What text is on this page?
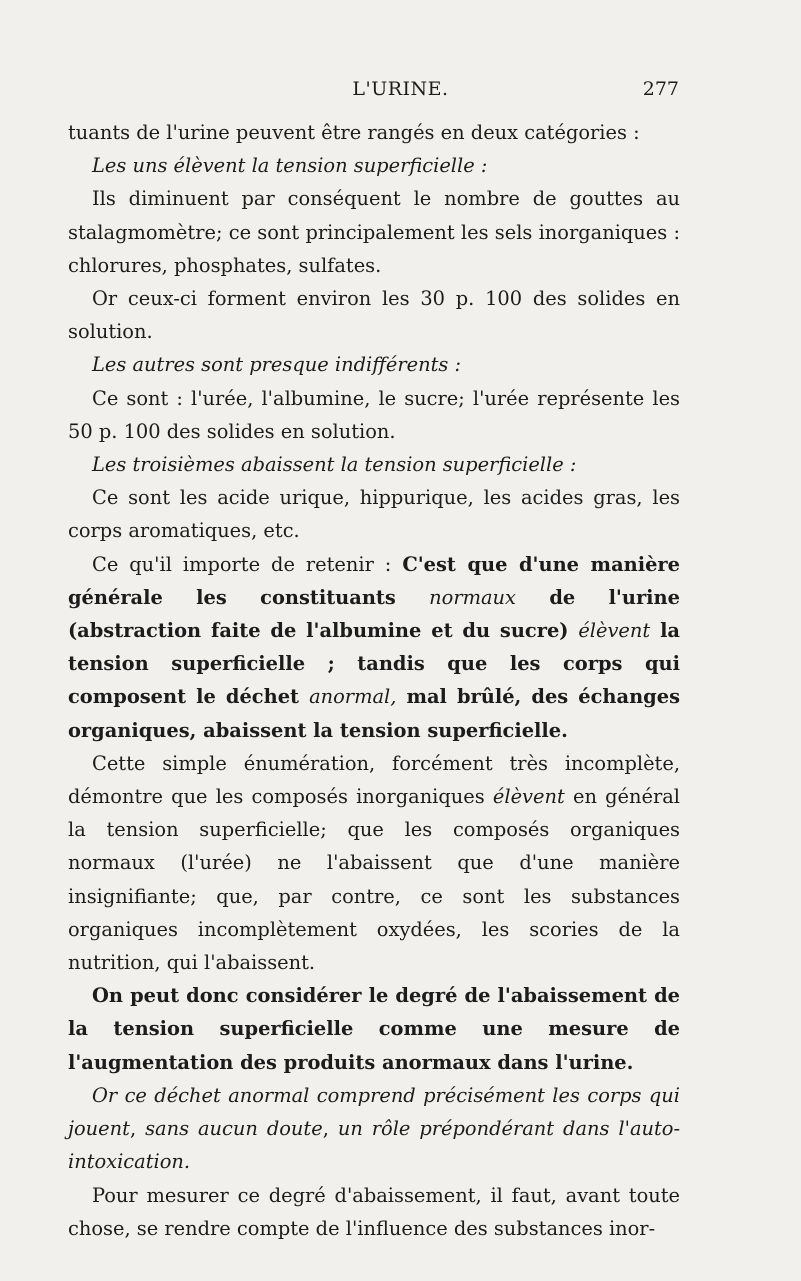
L'URINE.	277

tuants de l'urine peuvent être rangés en deux catégories :

Les uns élèvent la tension superficielle :

Ils diminuent par conséquent le nombre de gouttes au stalagmomètre; ce sont principalement les sels inorganiques : chlorures, phosphates, sulfates.

Or ceux-ci forment environ les 30 p. 100 des solides en solution.

Les autres sont presque indifférents :

Ce sont : l'urée, l'albumine, le sucre; l'urée représente les 50 p. 100 des solides en solution.

Les troisièmes abaissent la tension superficielle :

Ce sont les acide urique, hippurique, les acides gras, les corps aromatiques, etc.

Ce qu'il importe de retenir : C'est que d'une manière générale les constituants normaux de l'urine (abstraction faite de l'albumine et du sucre) élèvent la tension superficielle ; tandis que les corps qui composent le déchet anormal, mal brûlé, des échanges organiques, abaissent la tension superficielle.

Cette simple énumération, forcément très incomplète, démontre que les composés inorganiques élèvent en général la tension superficielle; que les composés organiques normaux (l'urée) ne l'abaissent que d'une manière insignifiante; que, par contre, ce sont les substances organiques incomplètement oxydées, les scories de la nutrition, qui l'abaissent.

On peut donc considérer le degré de l'abaissement de la tension superficielle comme une mesure de l'augmentation des produits anormaux dans l'urine.

Or ce déchet anormal comprend précisément les corps qui jouent, sans aucun doute, un rôle prépondérant dans l'auto-intoxication.

Pour mesurer ce degré d'abaissement, il faut, avant toute chose, se rendre compte de l'influence des substances inor-
